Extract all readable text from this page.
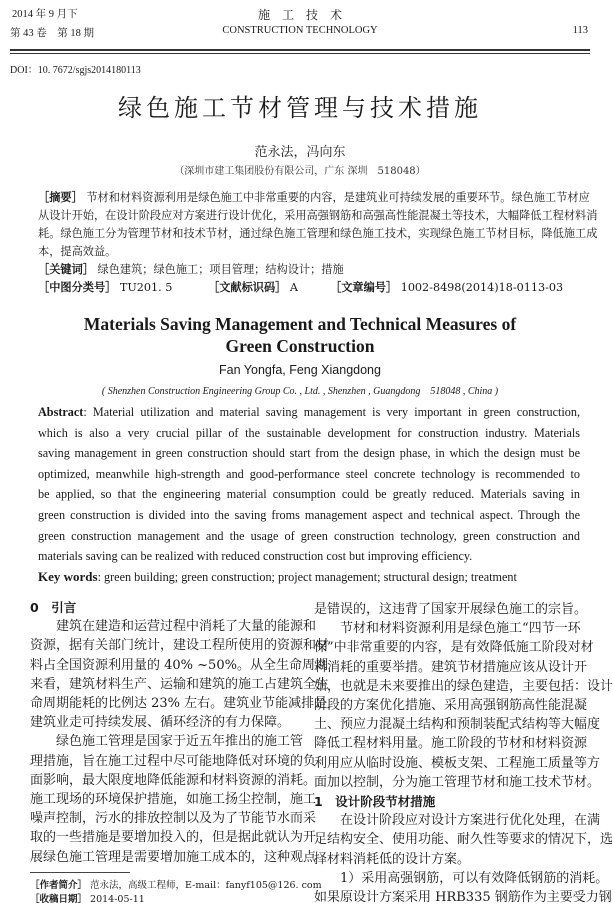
2014 年 9 月下
第 43 卷　第 18 期
施　工　技　术
CONSTRUCTION TECHNOLOGY	113
DOI：10. 7672/sgjs2014180113
绿色施工节材管理与技术措施
范永法，冯向东
（深圳市建工集团股份有限公司，广东 深圳　518048）
［摘要］ 节材和材料资源利用是绿色施工中非常重要的内容，是建筑业可持续发展的重要环节。绿色施工节材应
从设计开始，在设计阶段应对方案进行设计优化，采用高强钢筋和高强高性能混凝土等技术，大幅降低工程材料消
耗。绿色施工分为管理节材和技术节材，通过绿色施工管理和绿色施工技术，实现绿色施工节材目标，降低施工成
本，提高效益。
［关键词］ 绿色建筑；绿色施工；项目管理；结构设计；措施
［中图分类号］ TU201. 5	［文献标识码］ A	［文章编号］ 1002-8498(2014)18-0113-03
Materials Saving Management and Technical Measures of
Green Construction
Fan Yongfa, Feng Xiangdong
( Shenzhen Construction Engineering Group Co. , Ltd. , Shenzhen , Guangdong　518048 , China )
Abstract: Material utilization and material saving management is very important in green construction,
which is also a very crucial pillar of the sustainable development for construction industry. Materials
saving management in green construction should start from the design phase, in which the design must be
optimized, meanwhile high-strength and good-performance steel concrete technology is recommended to
be applied, so that the engineering material consumption could be greatly reduced. Materials saving in
green construction is divided into the saving froms management aspect and technical aspect. Through the
green construction management and the usage of green construction technology, green construction and
materials saving can be realized with reduced construction cost but improving efficiency.
Key words: green building; green construction; project management; structural design; treatment
0　引言
建筑在建造和运营过程中消耗了大量的能源和
资源，据有关部门统计，建设工程所使用的资源和材
料占全国资源利用量的 40% ~50%。从全生命周期
来看，建筑材料生产、运输和建筑的施工占建筑全生
命周期能耗的比例达 23% 左右。建筑业节能减排是
建筑业走可持续发展、循环经济的有力保障。
绿色施工管理是国家于近五年推出的施工管
理措施，旨在施工过程中尽可能地降低对环境的负
面影响，最大限度地降低能源和材料资源的消耗。
施工现场的环境保护措施，如施工扬尘控制，施工
噪声控制，污水的排放控制以及为了节能节水而采
取的一些措施是要增加投入的，但是据此就认为开
展绿色施工管理是需要增加施工成本的，这种观点
是错误的，这违背了国家开展绿色施工的宗旨。
节材和材料资源利用是绿色施工“四节一环
保”中非常重要的内容，是有效降低施工阶段对材
料消耗的重要举措。建筑节材措施应该从设计开
始，也就是未来要推出的绿色建造，主要包括：设计
阶段的方案优化措施、采用高强钢筋高性能混凝
土、预应力混凝土结构和预制装配式结构等大幅度
降低工程材料用量。施工阶段的节材和材料资源
利用应从临时设施、模板支架、工程施工质量等方
面加以控制，分为施工管理节材和施工技术节材。
1　设计阶段节材措施
在设计阶段应对设计方案进行优化处理，在满
足结构安全、使用功能、耐久性等要求的情况下，选
择材料消耗低的设计方案。
1）采用高强钢筋，可以有效降低钢筋的消耗。
如果原设计方案采用 HRB335 钢筋作为主要受力钢
［作者简介］ 范永法，高级工程师，E-mail：fanyf105@126. com
［收稿日期］ 2014-05-11
